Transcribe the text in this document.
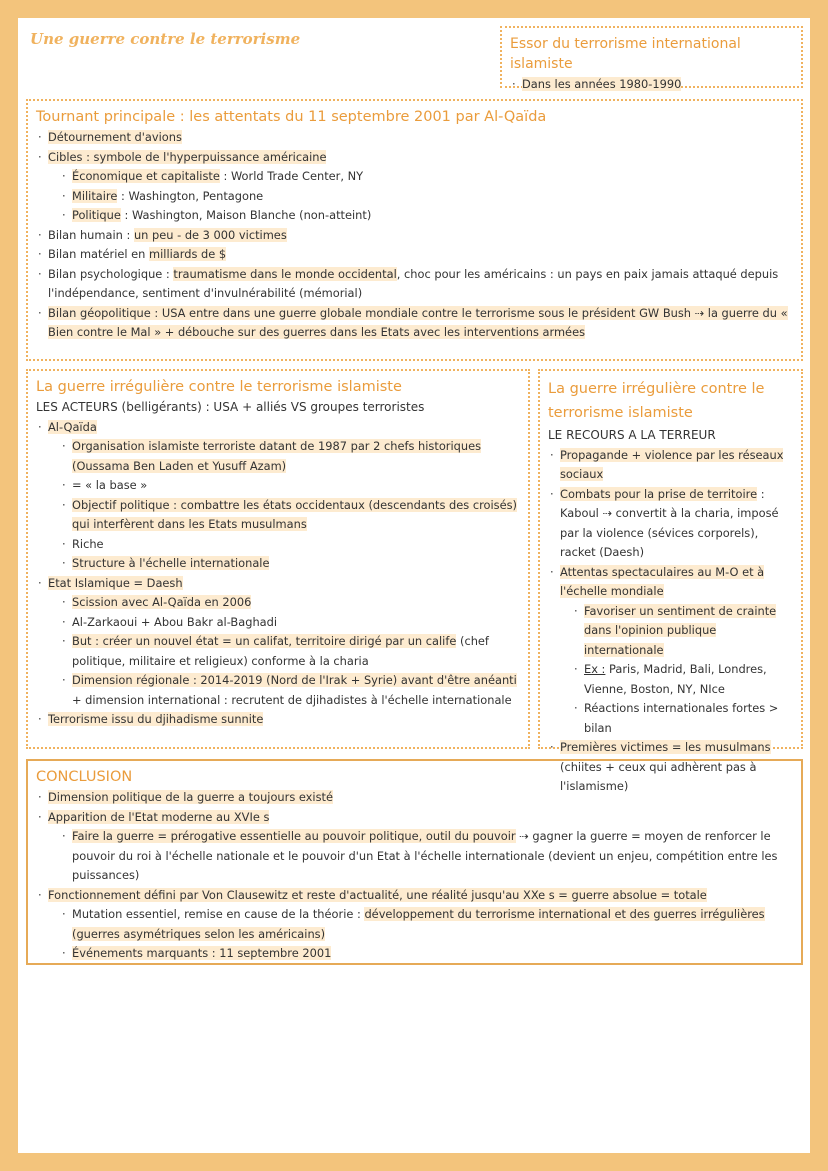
Une guerre contre le terrorisme	Essor du terrorisme international islamiste
· Dans les années 1980-1990
Tournant principale : les attentats du 11 septembre 2001 par Al-Qaïda
· Détournement d'avions
· Cibles : symbole de l'hyperpuissance américaine
· Économique et capitaliste : World Trade Center, NY
· Militaire : Washington, Pentagone
· Politique : Washington, Maison Blanche (non-atteint)
· Bilan humain : un peu - de 3 000 victimes
· Bilan matériel en milliards de $
· Bilan psychologique : traumatisme dans le monde occidental, choc pour les américains : un pays en paix jamais attaqué depuis l'indépendance, sentiment d'invulnérabilité (mémorial)
· Bilan géopolitique : USA entre dans une guerre globale mondiale contre le terrorisme sous le président GW Bush ⇢ la guerre du « Bien contre le Mal » + débouche sur des guerres dans les Etats avec les interventions armées
La guerre irrégulière contre le terrorisme islamiste
LES ACTEURS (belligérants) : USA + alliés VS groupes terroristes
· Al-Qaïda
· Organisation islamiste terroriste datant de 1987 par 2 chefs historiques (Oussama Ben Laden et Yusuff Azam)
· = « la base »
· Objectif politique : combattre les états occidentaux (descendants des croisés) qui interfèrent dans les Etats musulmans
· Riche
· Structure à l'échelle internationale
· Etat Islamique = Daesh
· Scission avec Al-Qaïda en 2006
· Al-Zarkaoui + Abou Bakr al-Baghadi
· But : créer un nouvel état = un califat, territoire dirigé par un calife (chef politique, militaire et religieux) conforme à la charia
· Dimension régionale : 2014-2019 (Nord de l'Irak + Syrie) avant d'être anéanti + dimension international : recrutent de djihadistes à l'échelle internationale
· Terrorisme issu du djihadisme sunnite
La guerre irrégulière contre le terrorisme islamiste
LE RECOURS A LA TERREUR
· Propagande + violence par les réseaux sociaux
· Combats pour la prise de territoire : Kaboul ⇢ convertit à la charia, imposé par la violence (sévices corporels), racket (Daesh)
· Attentas spectaculaires au M-O et à l'échelle mondiale
· Favoriser un sentiment de crainte dans l'opinion publique internationale
· Ex : Paris, Madrid, Bali, Londres, Vienne, Boston, NY, NIce
· Réactions internationales fortes > bilan
· Premières victimes = les musulmans (chiites + ceux qui adhèrent pas à l'islamisme)
CONCLUSION
· Dimension politique de la guerre a toujours existé
· Apparition de l'Etat moderne au XVIe s
· Faire la guerre = prérogative essentielle au pouvoir politique, outil du pouvoir ⇢ gagner la guerre = moyen de renforcer le pouvoir du roi à l'échelle nationale et le pouvoir d'un Etat à l'échelle internationale (devient un enjeu, compétition entre les puissances)
· Fonctionnement défini par Von Clausewitz et reste d'actualité, une réalité jusqu'au XXe s = guerre absolue = totale
· Mutation essentiel, remise en cause de la théorie : développement du terrorisme international et des guerres irrégulières (guerres asymétriques selon les américains)
· Événements marquants : 11 septembre 2001
